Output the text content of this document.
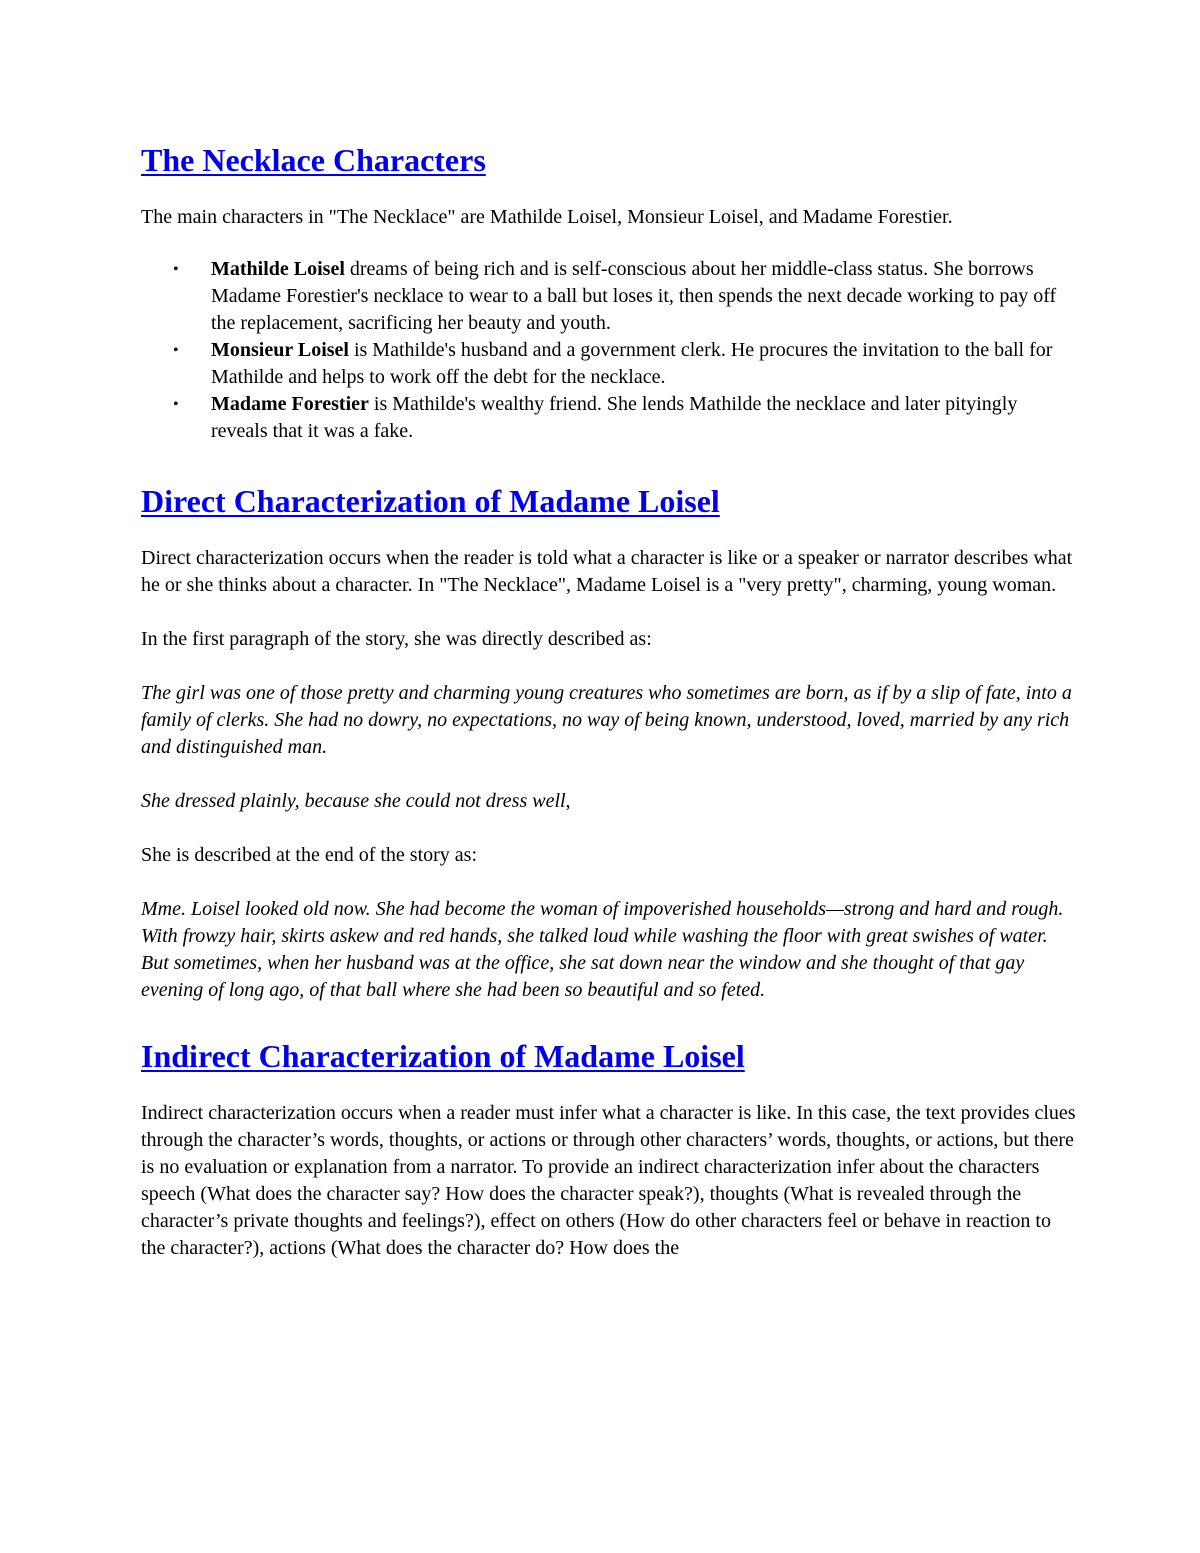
The Necklace Characters

The main characters in "The Necklace" are Mathilde Loisel, Monsieur Loisel, and Madame Forestier.

• Mathilde Loisel dreams of being rich and is self-conscious about her middle-class status. She borrows Madame Forestier's necklace to wear to a ball but loses it, then spends the next decade working to pay off the replacement, sacrificing her beauty and youth.
• Monsieur Loisel is Mathilde's husband and a government clerk. He procures the invitation to the ball for Mathilde and helps to work off the debt for the necklace.
• Madame Forestier is Mathilde's wealthy friend. She lends Mathilde the necklace and later pityingly reveals that it was a fake.
Direct Characterization of Madame Loisel

Direct characterization occurs when the reader is told what a character is like or a speaker or narrator describes what he or she thinks about a character. In "The Necklace", Madame Loisel is a "very pretty", charming, young woman.

In the first paragraph of the story, she was directly described as:

The girl was one of those pretty and charming young creatures who sometimes are born, as if by a slip of fate, into a family of clerks. She had no dowry, no expectations, no way of being known, understood, loved, married by any rich and distinguished man.

She dressed plainly, because she could not dress well,

She is described at the end of the story as:

Mme. Loisel looked old now. She had become the woman of impoverished households—strong and hard and rough. With frowzy hair, skirts askew and red hands, she talked loud while washing the floor with great swishes of water. But sometimes, when her husband was at the office, she sat down near the window and she thought of that gay evening of long ago, of that ball where she had been so beautiful and so feted.

Indirect Characterization of Madame Loisel

Indirect characterization occurs when a reader must infer what a character is like. In this case, the text provides clues through the character’s words, thoughts, or actions or through other characters’ words, thoughts, or actions, but there is no evaluation or explanation from a narrator. To provide an indirect characterization infer about the characters speech (What does the character say? How does the character speak?), thoughts (What is revealed through the character’s private thoughts and feelings?), effect on others (How do other characters feel or behave in reaction to the character?), actions (What does the character do? How does the
